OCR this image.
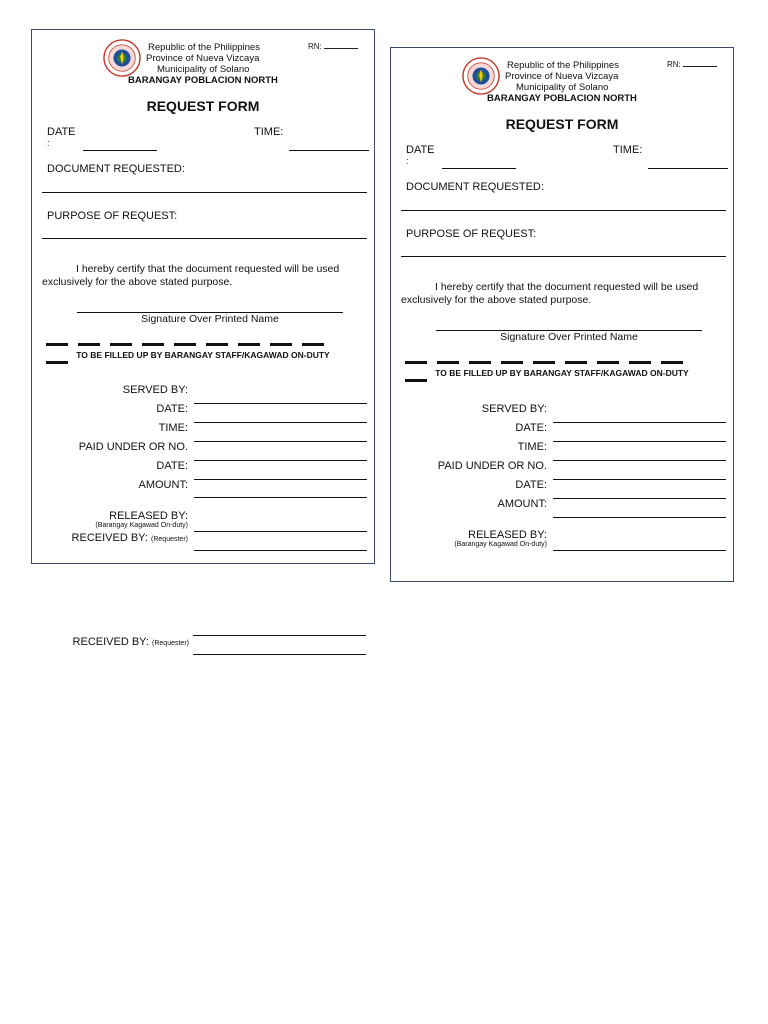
Republic of the Philippines
Province of Nueva Vizcaya
Municipality of Solano
BARANGAY POBLACION NORTH
RN:
REQUEST FORM
DATE
:
TIME:
DOCUMENT REQUESTED:
PURPOSE OF REQUEST:
I hereby certify that the document requested will be used exclusively for the above stated purpose.
Signature Over Printed Name
TO BE FILLED UP BY BARANGAY STAFF/KAGAWAD ON-DUTY
SERVED BY:
DATE:
TIME:
PAID UNDER OR NO.
DATE:
AMOUNT:
RELEASED BY:
(Barangay Kagawad On-duty)
RECEIVED BY: (Requester)
Republic of the Philippines
Province of Nueva Vizcaya
Municipality of Solano
BARANGAY POBLACION NORTH
RN:
REQUEST FORM
DATE
:
TIME:
DOCUMENT REQUESTED:
PURPOSE OF REQUEST:
I hereby certify that the document requested will be used exclusively for the above stated purpose.
Signature Over Printed Name
TO BE FILLED UP BY BARANGAY STAFF/KAGAWAD ON-DUTY
SERVED BY:
DATE:
TIME:
PAID UNDER OR NO.
DATE:
AMOUNT:
RELEASED BY:
(Barangay Kagawad On-duty)
RECEIVED BY: (Requester)
